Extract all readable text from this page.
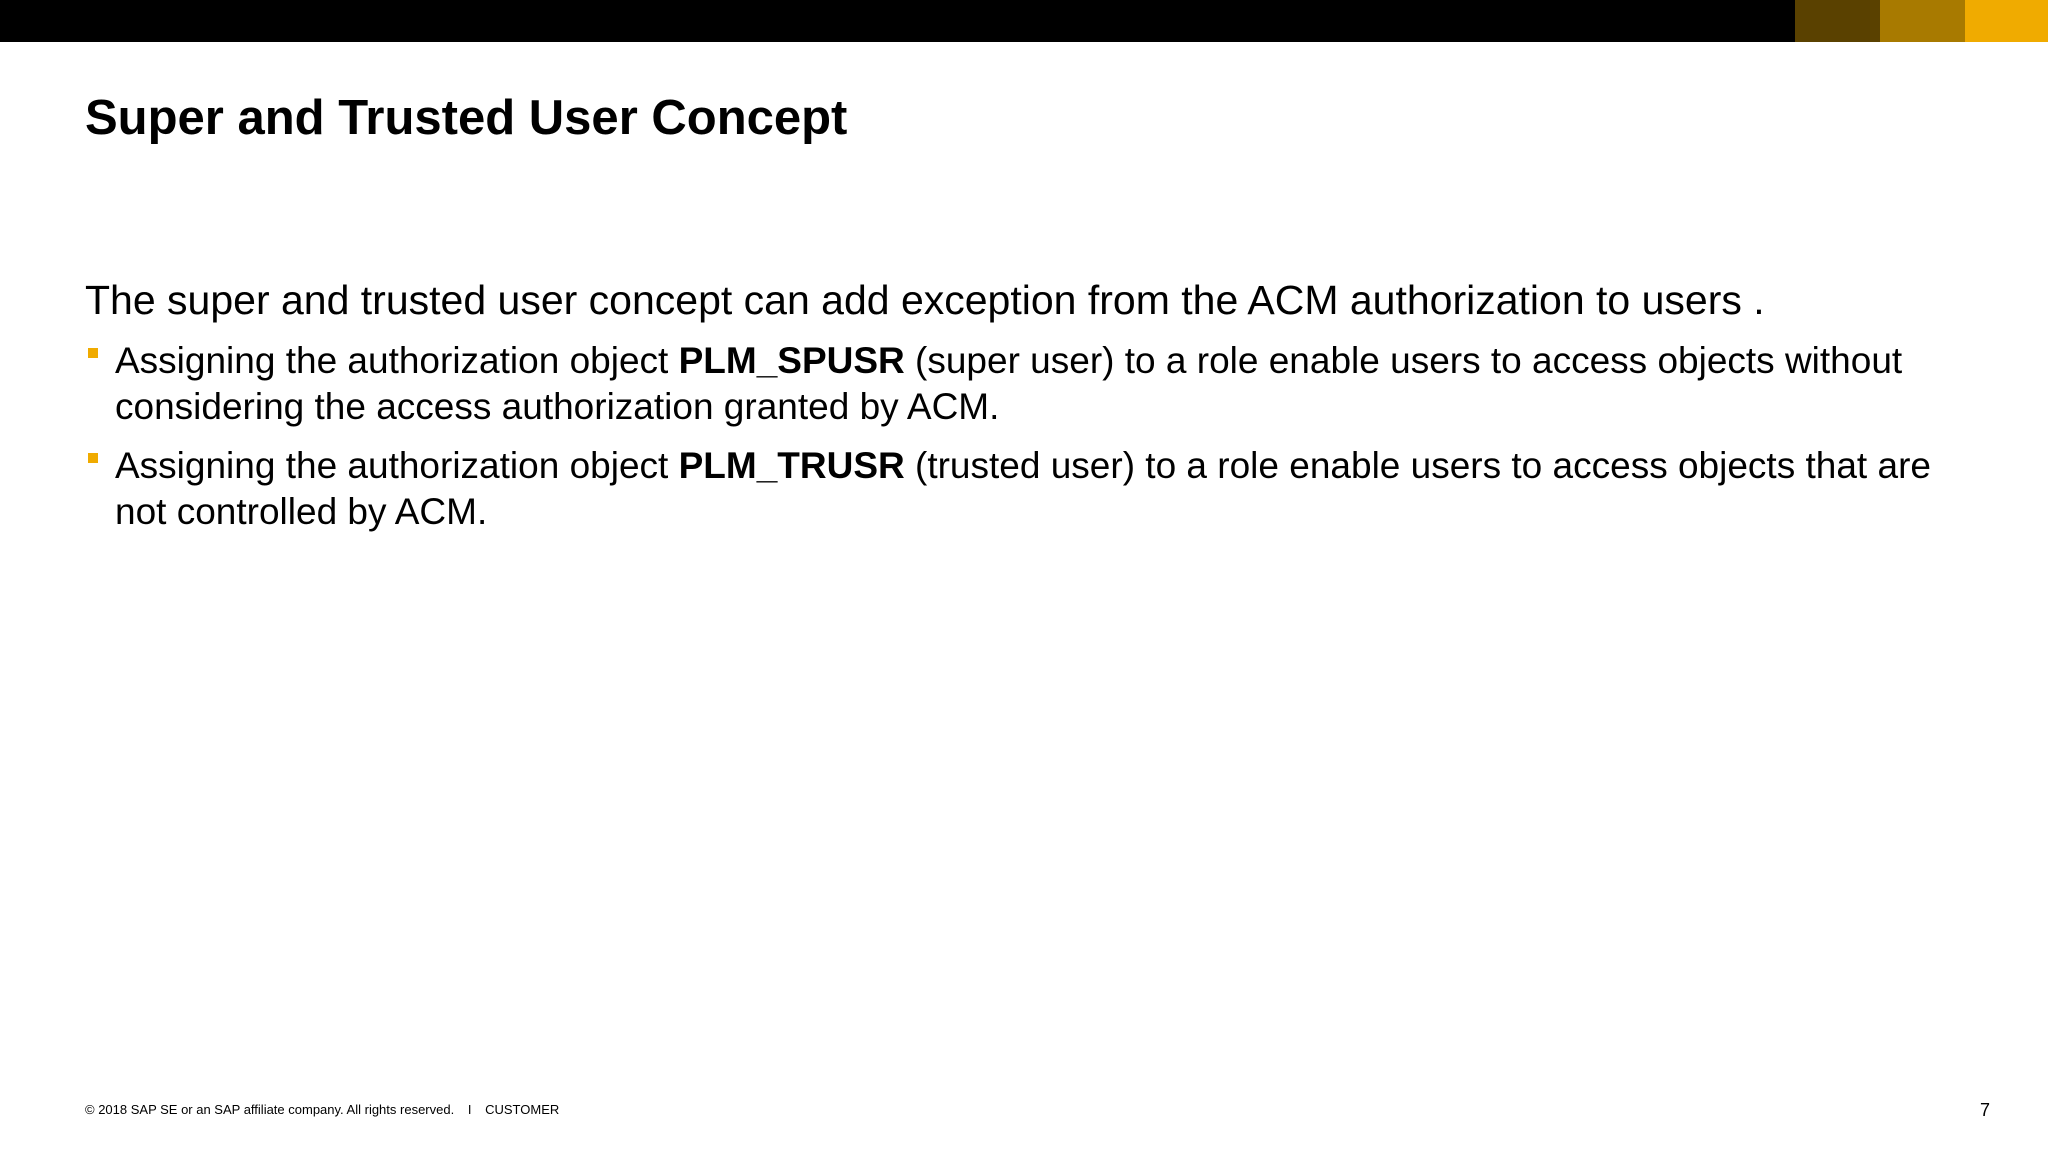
Super and Trusted User Concept

The super and trusted user concept can add exception from the ACM authorization to users .

Assigning the authorization object PLM_SPUSR (super user) to a role enable users to access objects without considering the access authorization granted by ACM.
Assigning the authorization object PLM_TRUSR (trusted user) to a role enable users to access objects that are not controlled by ACM.
© 2018 SAP SE or an SAP affiliate company. All rights reserved. I CUSTOMER	7
